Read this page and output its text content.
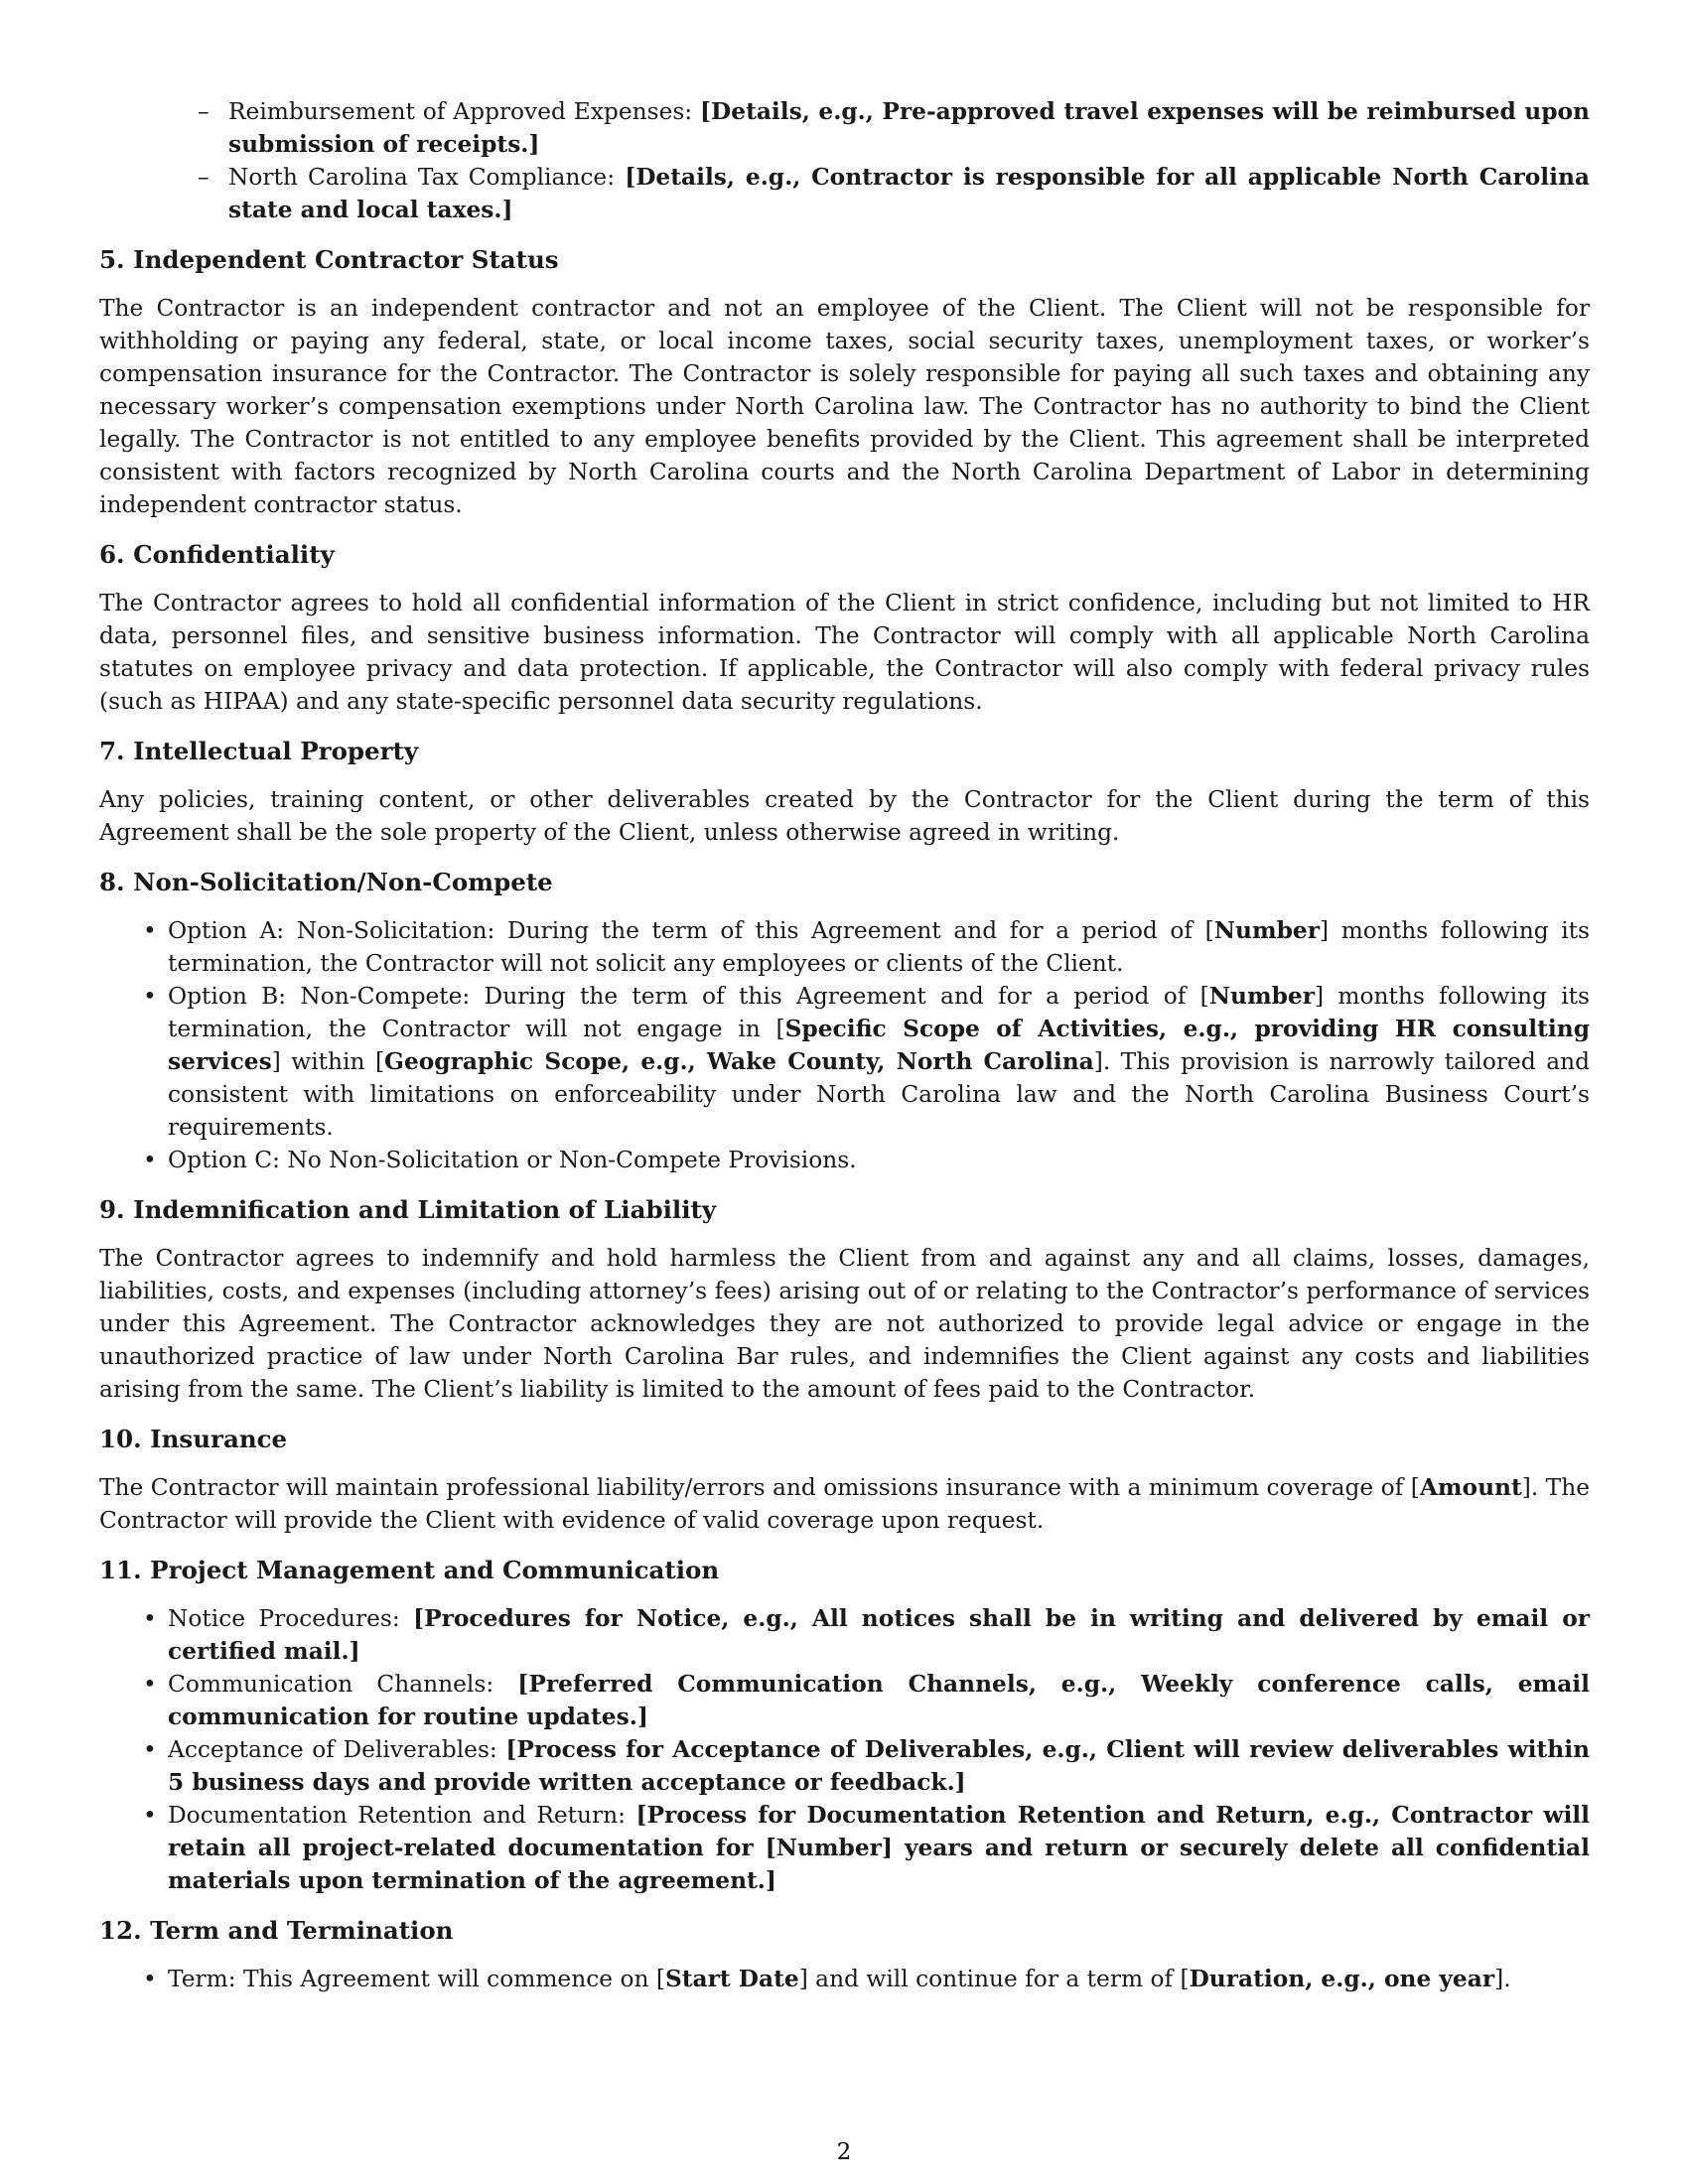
– Reimbursement of Approved Expenses: [Details, e.g., Pre-approved travel expenses will be reimbursed upon submission of receipts.]
– North Carolina Tax Compliance: [Details, e.g., Contractor is responsible for all applicable North Carolina state and local taxes.]
5. Independent Contractor Status

The Contractor is an independent contractor and not an employee of the Client. The Client will not be responsible for withholding or paying any federal, state, or local income taxes, social security taxes, unemployment taxes, or worker’s compensation insurance for the Contractor. The Contractor is solely responsible for paying all such taxes and obtaining any necessary worker’s compensation exemptions under North Carolina law. The Contractor has no authority to bind the Client legally. The Contractor is not entitled to any employee benefits provided by the Client. This agreement shall be interpreted consistent with factors recognized by North Carolina courts and the North Carolina Department of Labor in determining independent contractor status.

6. Confidentiality

The Contractor agrees to hold all confidential information of the Client in strict confidence, including but not limited to HR data, personnel files, and sensitive business information. The Contractor will comply with all applicable North Carolina statutes on employee privacy and data protection. If applicable, the Contractor will also comply with federal privacy rules (such as HIPAA) and any state-specific personnel data security regulations.

7. Intellectual Property

Any policies, training content, or other deliverables created by the Contractor for the Client during the term of this Agreement shall be the sole property of the Client, unless otherwise agreed in writing.

8. Non-Solicitation/Non-Compete
• Option A: Non-Solicitation: During the term of this Agreement and for a period of [Number] months following its termination, the Contractor will not solicit any employees or clients of the Client.
• Option B: Non-Compete: During the term of this Agreement and for a period of [Number] months following its termination, the Contractor will not engage in [Specific Scope of Activities, e.g., providing HR consulting services] within [Geographic Scope, e.g., Wake County, North Carolina]. This provision is narrowly tailored and consistent with limitations on enforceability under North Carolina law and the North Carolina Business Court’s requirements.
• Option C: No Non-Solicitation or Non-Compete Provisions.
9. Indemnification and Limitation of Liability

The Contractor agrees to indemnify and hold harmless the Client from and against any and all claims, losses, damages, liabilities, costs, and expenses (including attorney’s fees) arising out of or relating to the Contractor’s performance of services under this Agreement. The Contractor acknowledges they are not authorized to provide legal advice or engage in the unauthorized practice of law under North Carolina Bar rules, and indemnifies the Client against any costs and liabilities arising from the same. The Client’s liability is limited to the amount of fees paid to the Contractor.

10. Insurance

The Contractor will maintain professional liability/errors and omissions insurance with a minimum coverage of [Amount]. The Contractor will provide the Client with evidence of valid coverage upon request.

11. Project Management and Communication
• Notice Procedures: [Procedures for Notice, e.g., All notices shall be in writing and delivered by email or certified mail.]
• Communication Channels: [Preferred Communication Channels, e.g., Weekly conference calls, email communication for routine updates.]
• Acceptance of Deliverables: [Process for Acceptance of Deliverables, e.g., Client will review deliverables within 5 business days and provide written acceptance or feedback.]
• Documentation Retention and Return: [Process for Documentation Retention and Return, e.g., Contractor will retain all project-related documentation for [Number] years and return or securely delete all confidential materials upon termination of the agreement.]
12. Term and Termination
• Term: This Agreement will commence on [Start Date] and will continue for a term of [Duration, e.g., one year].
2
